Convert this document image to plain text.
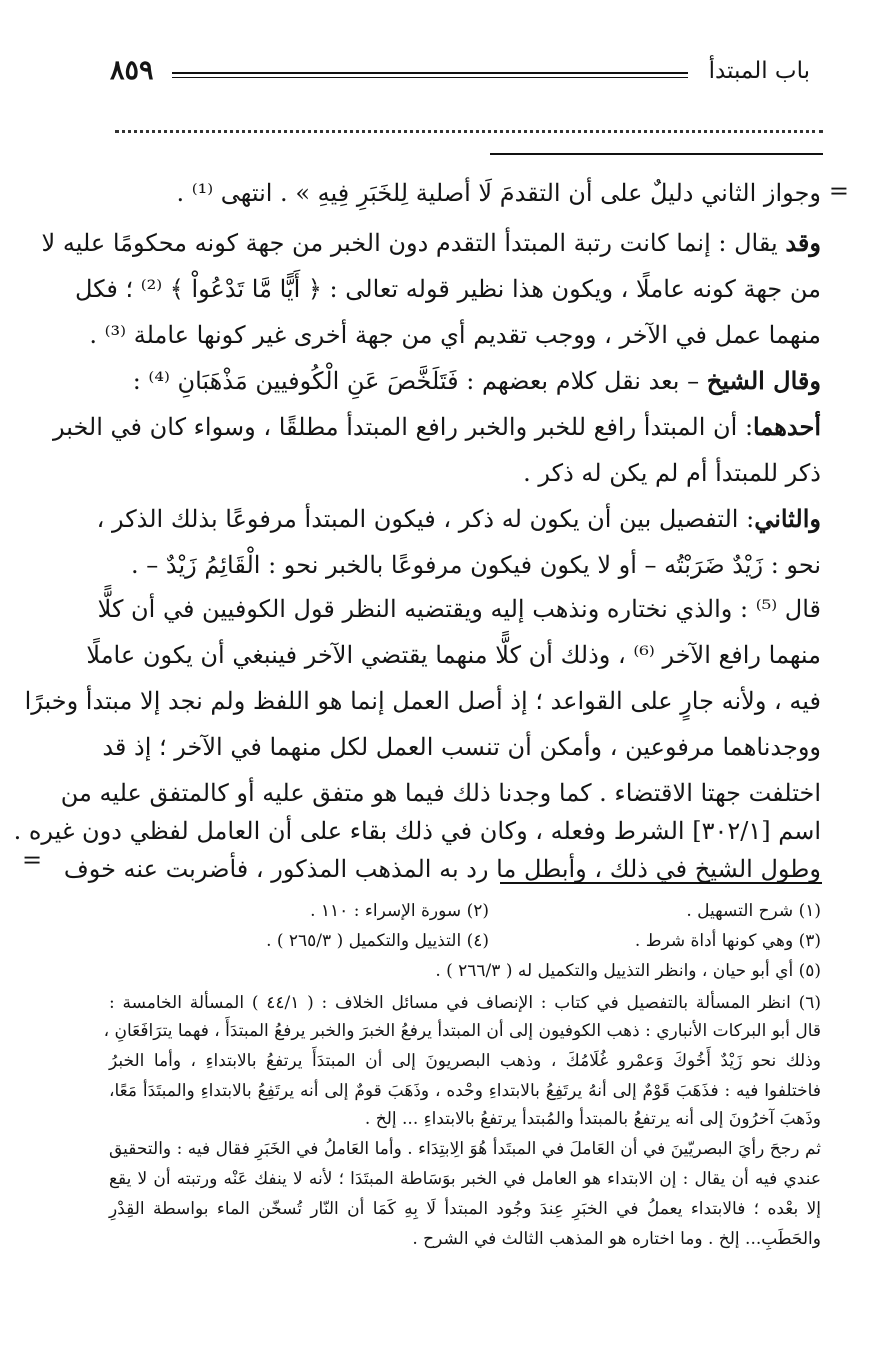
باب المبتدأ
٨٥٩
=
=
وجواز الثاني دليلٌ على أن التقدمَ لَا أصلية لِلخَبَرِ فِيهِ » . انتهى ⁽¹⁾ .
وقد يقال : إنما كانت رتبة المبتدأ التقدم دون الخبر من جهة كونه محكومًا عليه لا
من جهة كونه عاملًا ، ويكون هذا نظير قوله تعالى : ﴿ أَيًّا مَّا تَدْعُواْ ﴾ ⁽²⁾ ؛ فكل
منهما عمل في الآخر ، ووجب تقديم أي من جهة أخرى غير كونها عاملة ⁽³⁾ .
وقال الشيخ – بعد نقل كلام بعضهم : فَتَلَخَّصَ عَنِ الْكُوفيين مَذْهَبَانِ ⁽⁴⁾ :
أحدهما: أن المبتدأ رافع للخبر والخبر رافع المبتدأ مطلقًا ، وسواء كان في الخبر
ذكر للمبتدأ أم لم يكن له ذكر .
والثاني: التفصيل بين أن يكون له ذكر ، فيكون المبتدأ مرفوعًا بذلك الذكر ،
نحو : زَيْدٌ ضَرَبْتُه – أو لا يكون فيكون مرفوعًا بالخبر نحو : الْقَائِمُ زَيْدٌ – .
قال ⁽⁵⁾ : والذي نختاره ونذهب إليه ويقتضيه النظر قول الكوفيين في أن كلًّا
منهما رافع الآخر ⁽⁶⁾ ، وذلك أن كلًّا منهما يقتضي الآخر فينبغي أن يكون عاملًا
فيه ، ولأنه جارٍ على القواعد ؛ إذ أصل العمل إنما هو اللفظ ولم نجد إلا مبتدأ وخبرًا
ووجدناهما مرفوعين ، وأمكن أن تنسب العمل لكل منهما في الآخر ؛ إذ قد
اختلفت جهتا الاقتضاء . كما وجدنا ذلك فيما هو متفق عليه أو كالمتفق عليه من
اسم [٣٠٢/١] الشرط وفعله ، وكان في ذلك بقاء على أن العامل لفظي دون غيره .
وطول الشيخ في ذلك ، وأبطل ما رد به المذهب المذكور ، فأضربت عنه خوف
(١) شرح التسهيل .
(٢) سورة الإسراء : ١١٠ .
(٣) وهي كونها أداة شرط .
(٤) التذييل والتكميل ( ٢٦٥/٣ ) .
(٥) أي أبو حيان ، وانظر التذييل والتكميل له ( ٢٦٦/٣ ) .
(٦) انظر المسألة بالتفصيل في كتاب : الإنصاف في مسائل الخلاف : ( ٤٤/١ ) المسألة الخامسة :
قال أبو البركات الأنباري : ذهب الكوفيون إلى أن المبتدأ يرفعُ الخبرَ والخبر يرفعُ المبتدَأَ ، فهما يترَافَعَانِ ،
وذلك نحو زَيْدٌ أَخُوكَ وَعمْرو غُلَامُكَ ، وذهب البصريونَ إلى أن المبتدَأَ يرتفعُ بالابتداءِ ، وأما الخبرُ
فاختلفوا فيه : فذَهَبَ قَوْمٌ إلى أنهُ يرتَفِعُ بالابتداءِ وحْده ، وذَهَبَ قومٌ إلى أنه يرتَفِعُ بالابتداءِ والمبتَدَأ مَعًا،
وذَهبَ آخرُونَ إلى أنه يرتفعُ بالمبتدأ والمُبتدأ يرتفعُ بالابتداءِ ... إلخ .
ثم رجحَ رأيَ البصريّينَ في أن العَاملَ في المبتَدأ هُوَ الِابتِدَاء . وأما العَاملُ في الخَبَرِ فقال فيه : والتحقيق
عندي فيه أن يقال : إن الابتداء هو العامل في الخبر بوَسَاطة المبتَدَا ؛ لأنه لا ينفك عَنْه ورتبته أن لا يقع
إلا بعْده ؛ فالابتداء يعملُ في الخبَرِ عِندَ وجُود المبتدأ لَا بِهِ كَمَا أن النّار تُسخّن الماء بواسطة القِدْرِ
والحَطَبِ... إلخ . وما اختاره هو المذهب الثالث في الشرح .
